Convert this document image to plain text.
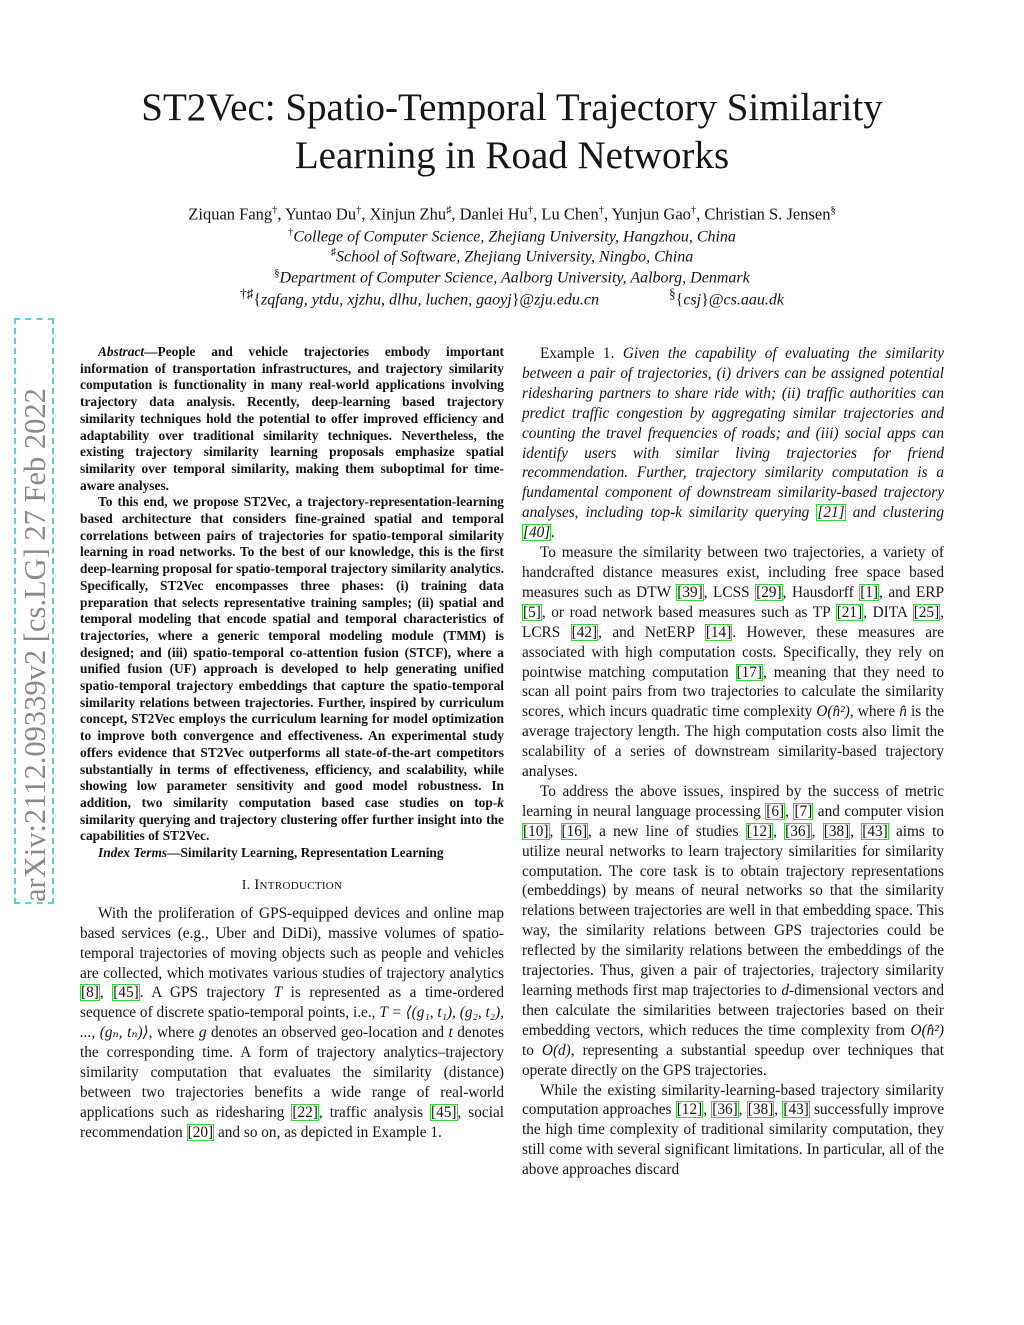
arXiv:2112.09339v2 [cs.LG] 27 Feb 2022
ST2Vec: Spatio-Temporal Trajectory Similarity
Learning in Road Networks
Ziquan Fang†, Yuntao Du†, Xinjun Zhu♯, Danlei Hu†, Lu Chen†, Yunjun Gao†, Christian S. Jensen§
†College of Computer Science, Zhejiang University, Hangzhou, China
♯School of Software, Zhejiang University, Ningbo, China
§Department of Computer Science, Aalborg University, Aalborg, Denmark
†♯{zqfang, ytdu, xjzhu, dlhu, luchen, gaoyj}@zju.edu.cn	§{csj}@cs.aau.dk

Abstract—People and vehicle trajectories embody important information of transportation infrastructures, and trajectory similarity computation is functionality in many real-world applications involving trajectory data analysis. Recently, deep-learning based trajectory similarity techniques hold the potential to offer improved efficiency and adaptability over traditional similarity techniques. Nevertheless, the existing trajectory similarity learning proposals emphasize spatial similarity over temporal similarity, making them suboptimal for time-aware analyses.

To this end, we propose ST2Vec, a trajectory-representation-learning based architecture that considers fine-grained spatial and temporal correlations between pairs of trajectories for spatio-temporal similarity learning in road networks. To the best of our knowledge, this is the first deep-learning proposal for spatio-temporal trajectory similarity analytics. Specifically, ST2Vec encompasses three phases: (i) training data preparation that selects representative training samples; (ii) spatial and temporal modeling that encode spatial and temporal characteristics of trajectories, where a generic temporal modeling module (TMM) is designed; and (iii) spatio-temporal co-attention fusion (STCF), where a unified fusion (UF) approach is developed to help generating unified spatio-temporal trajectory embeddings that capture the spatio-temporal similarity relations between trajectories. Further, inspired by curriculum concept, ST2Vec employs the curriculum learning for model optimization to improve both convergence and effectiveness. An experimental study offers evidence that ST2Vec outperforms all state-of-the-art competitors substantially in terms of effectiveness, efficiency, and scalability, while showing low parameter sensitivity and good model robustness. In addition, two similarity computation based case studies on top-k similarity querying and trajectory clustering offer further insight into the capabilities of ST2Vec.

Index Terms—Similarity Learning, Representation Learning

I. Introduction

With the proliferation of GPS-equipped devices and online map based services (e.g., Uber and DiDi), massive volumes of spatio-temporal trajectories of moving objects such as people and vehicles are collected, which motivates various studies of trajectory analytics [8], [45]. A GPS trajectory T is represented as a time-ordered sequence of discrete spatio-temporal points, i.e., T = ⟨(g₁, t₁), (g₂, t₂), ..., (gₙ, tₙ)⟩, where g denotes an observed geo-location and t denotes the corresponding time. A form of trajectory analytics–trajectory similarity computation that evaluates the similarity (distance) between two trajectories benefits a wide range of real-world applications such as ridesharing [22], traffic analysis [45], social recommendation [20] and so on, as depicted in Example 1.

Example 1. Given the capability of evaluating the similarity between a pair of trajectories, (i) drivers can be assigned potential ridesharing partners to share ride with; (ii) traffic authorities can predict traffic congestion by aggregating similar trajectories and counting the travel frequencies of roads; and (iii) social apps can identify users with similar living trajectories for friend recommendation. Further, trajectory similarity computation is a fundamental component of downstream similarity-based trajectory analyses, including top-k similarity querying [21] and clustering [40].

To measure the similarity between two trajectories, a variety of handcrafted distance measures exist, including free space based measures such as DTW [39], LCSS [29], Hausdorff [1], and ERP [5], or road network based measures such as TP [21], DITA [25], LCRS [42], and NetERP [14]. However, these measures are associated with high computation costs. Specifically, they rely on pointwise matching computation [17], meaning that they need to scan all point pairs from two trajectories to calculate the similarity scores, which incurs quadratic time complexity O(n̂²), where n̂ is the average trajectory length. The high computation costs also limit the scalability of a series of downstream similarity-based trajectory analyses.

To address the above issues, inspired by the success of metric learning in neural language processing [6], [7] and computer vision [10], [16], a new line of studies [12], [36], [38], [43] aims to utilize neural networks to learn trajectory similarities for similarity computation. The core task is to obtain trajectory representations (embeddings) by means of neural networks so that the similarity relations between trajectories are well in that embedding space. This way, the similarity relations between GPS trajectories could be reflected by the similarity relations between the embeddings of the trajectories. Thus, given a pair of trajectories, trajectory similarity learning methods first map trajectories to d-dimensional vectors and then calculate the similarities between trajectories based on their embedding vectors, which reduces the time complexity from O(n̂²) to O(d), representing a substantial speedup over techniques that operate directly on the GPS trajectories.

While the existing similarity-learning-based trajectory similarity computation approaches [12], [36], [38], [43] successfully improve the high time complexity of traditional similarity computation, they still come with several significant limitations. In particular, all of the above approaches discard
